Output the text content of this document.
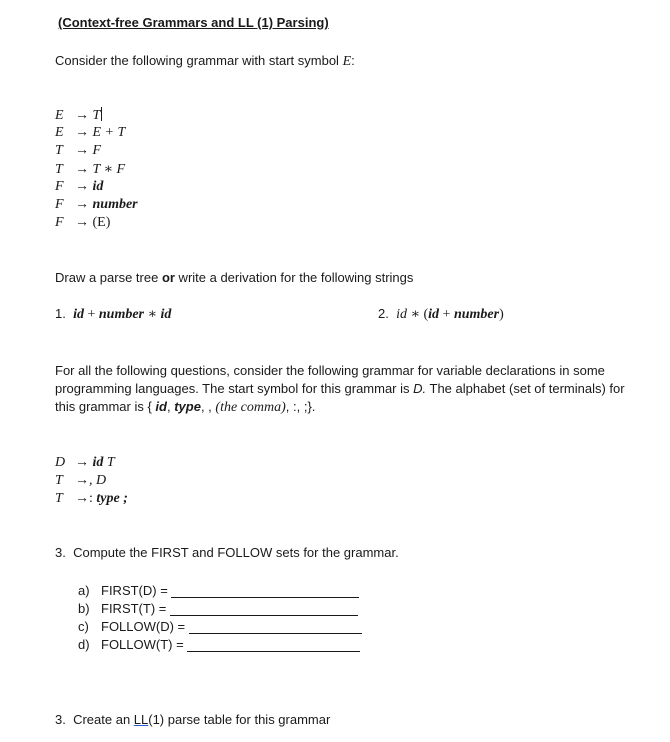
(Context-free Grammars and LL (1) Parsing)
Consider the following grammar with start symbol E:
E → T
E → E + T
T → F
T → T ∗ F
F → id
F → number
F → (E)
Draw a parse tree or write a derivation for the following strings
1. id + number ∗ id	2. id ∗ (id + number)
For all the following questions, consider the following grammar for variable declarations in some programming languages. The start symbol for this grammar is D. The alphabet (set of terminals) for this grammar is { id, type, , (the comma), :, ;}.
D → id T
T →, D
T →: type ;
3. Compute the FIRST and FOLLOW sets for the grammar.
a) FIRST(D) =
b) FIRST(T) =
c) FOLLOW(D) =
d) FOLLOW(T) =
3. Create an LL(1) parse table for this grammar
